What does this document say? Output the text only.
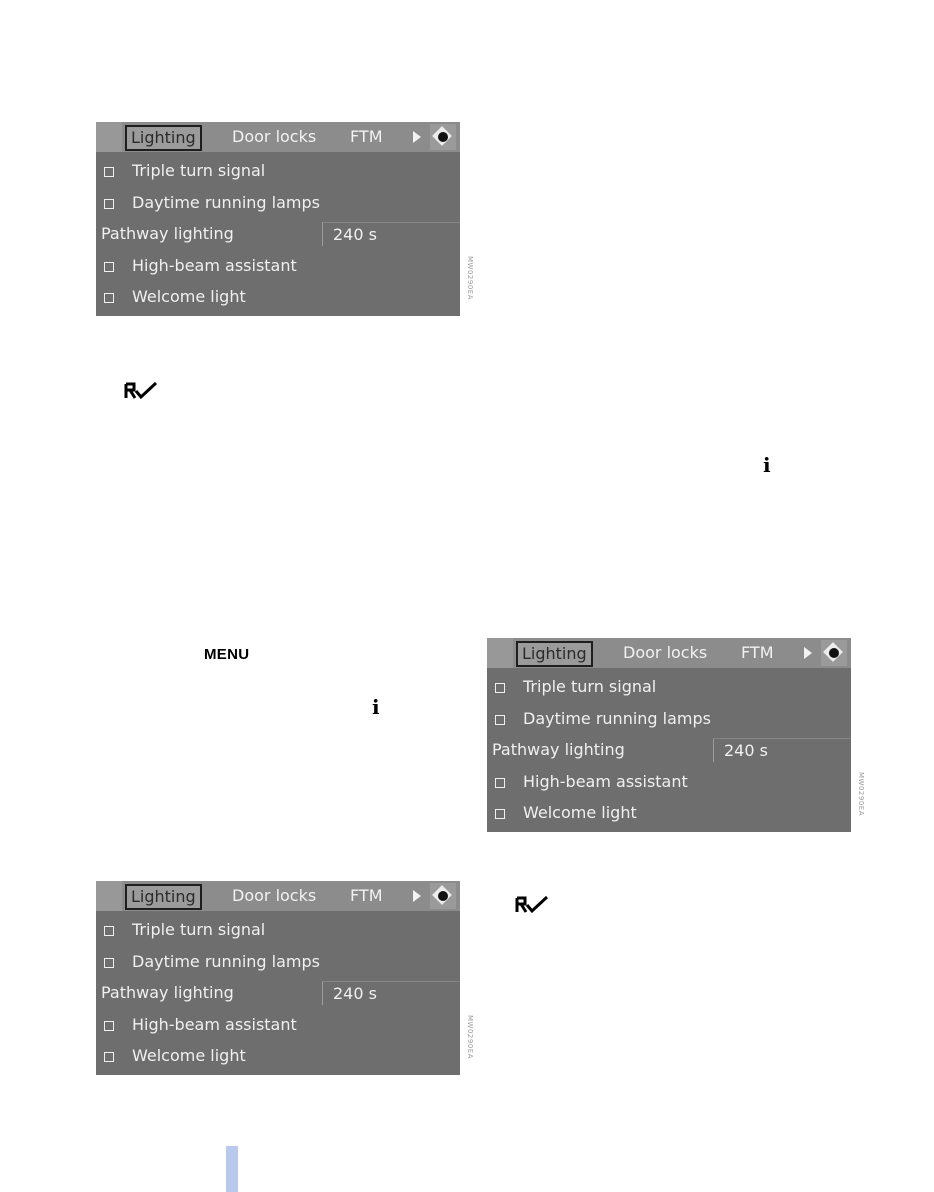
Lighting	Door locks FTM
Triple turn signal
Daytime running lamps
Pathway lighting	240 s
High-beam assistant
Welcome light	MW0290EA
i
MENU
i
Lighting	Door locks FTM
Triple turn signal
Daytime running lamps
Pathway lighting	240 s
High-beam assistant
Welcome light	MW0290EA
Lighting	Door locks FTM
Triple turn signal
Daytime running lamps
Pathway lighting	240 s
High-beam assistant
Welcome light	MW0290EA
